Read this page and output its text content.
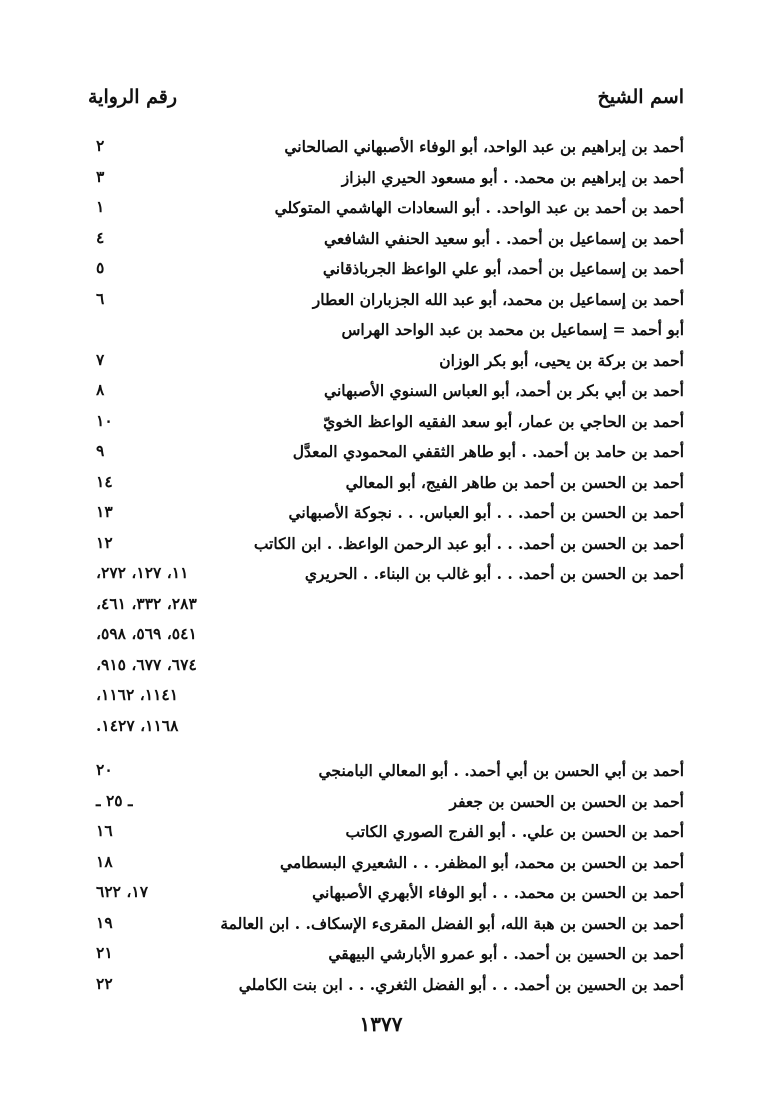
اسم الشيخ
رقم الرواية
أحمد بن إبراهيم بن عبد الواحد، أبو الوفاء الأصبهاني الصالحاني
٢
أحمد بن إبراهيم بن محمد. . أبو مسعود الحيري البزاز
٣
أحمد بن أحمد بن عبد الواحد. . أبو السعادات الهاشمي المتوكلي
١
أحمد بن إسماعيل بن أحمد. . أبو سعيد الحنفي الشافعي
٤
أحمد بن إسماعيل بن أحمد، أبو علي الواعظ الجرباذقاني
٥
أحمد بن إسماعيل بن محمد، أبو عبد الله الجزباران العطار
٦
أبو أحمد = إسماعيل بن محمد بن عبد الواحد الهراس
أحمد بن بركة بن يحيى، أبو بكر الوزان
٧
أحمد بن أبي بكر بن أحمد، أبو العباس السنوي الأصبهاني
٨
أحمد بن الحاجي بن عمار، أبو سعد الفقيه الواعظ الخويّ
١٠
أحمد بن حامد بن أحمد. . أبو طاهر الثقفي المحمودي المعدَّل
٩
أحمد بن الحسن بن أحمد بن طاهر الفيج، أبو المعالي
١٤
أحمد بن الحسن بن أحمد. . . أبو العباس. . . نجوكة الأصبهاني
١٣
أحمد بن الحسن بن أحمد. . . أبو عبد الرحمن الواعظ. . ابن الكاتب
١٢
أحمد بن الحسن بن أحمد. . . أبو غالب بن البناء. . الحريري
١١، ١٢٧، ٢٧٢،
٢٨٣، ٣٣٢، ٤٦١،
٥٤١، ٥٦٩، ٥٩٨،
٦٧٤، ٦٧٧، ٩١٥،
١١٤١، ١١٦٢،
١١٦٨، ١٤٢٧.
أحمد بن أبي الحسن بن أبي أحمد. . أبو المعالي البامنجي
٢٠
أحمد بن الحسن بن الحسن بن جعفر
ـ ٢٥ ـ
أحمد بن الحسن بن علي. . أبو الفرج الصوري الكاتب
١٦
أحمد بن الحسن بن محمد، أبو المظفر. . . الشعيري البسطامي
١٨
أحمد بن الحسن بن محمد. . . أبو الوفاء الأبهري الأصبهاني
١٧، ٦٢٢
أحمد بن الحسن بن هبة الله، أبو الفضل المقرىء الإسكاف. . ابن العالمة
١٩
أحمد بن الحسين بن أحمد. . أبو عمرو الأبارشي البيهقي
٢١
أحمد بن الحسين بن أحمد. . . أبو الفضل الثغري. . . ابن بنت الكاملي
٢٢
١٣٧٧
